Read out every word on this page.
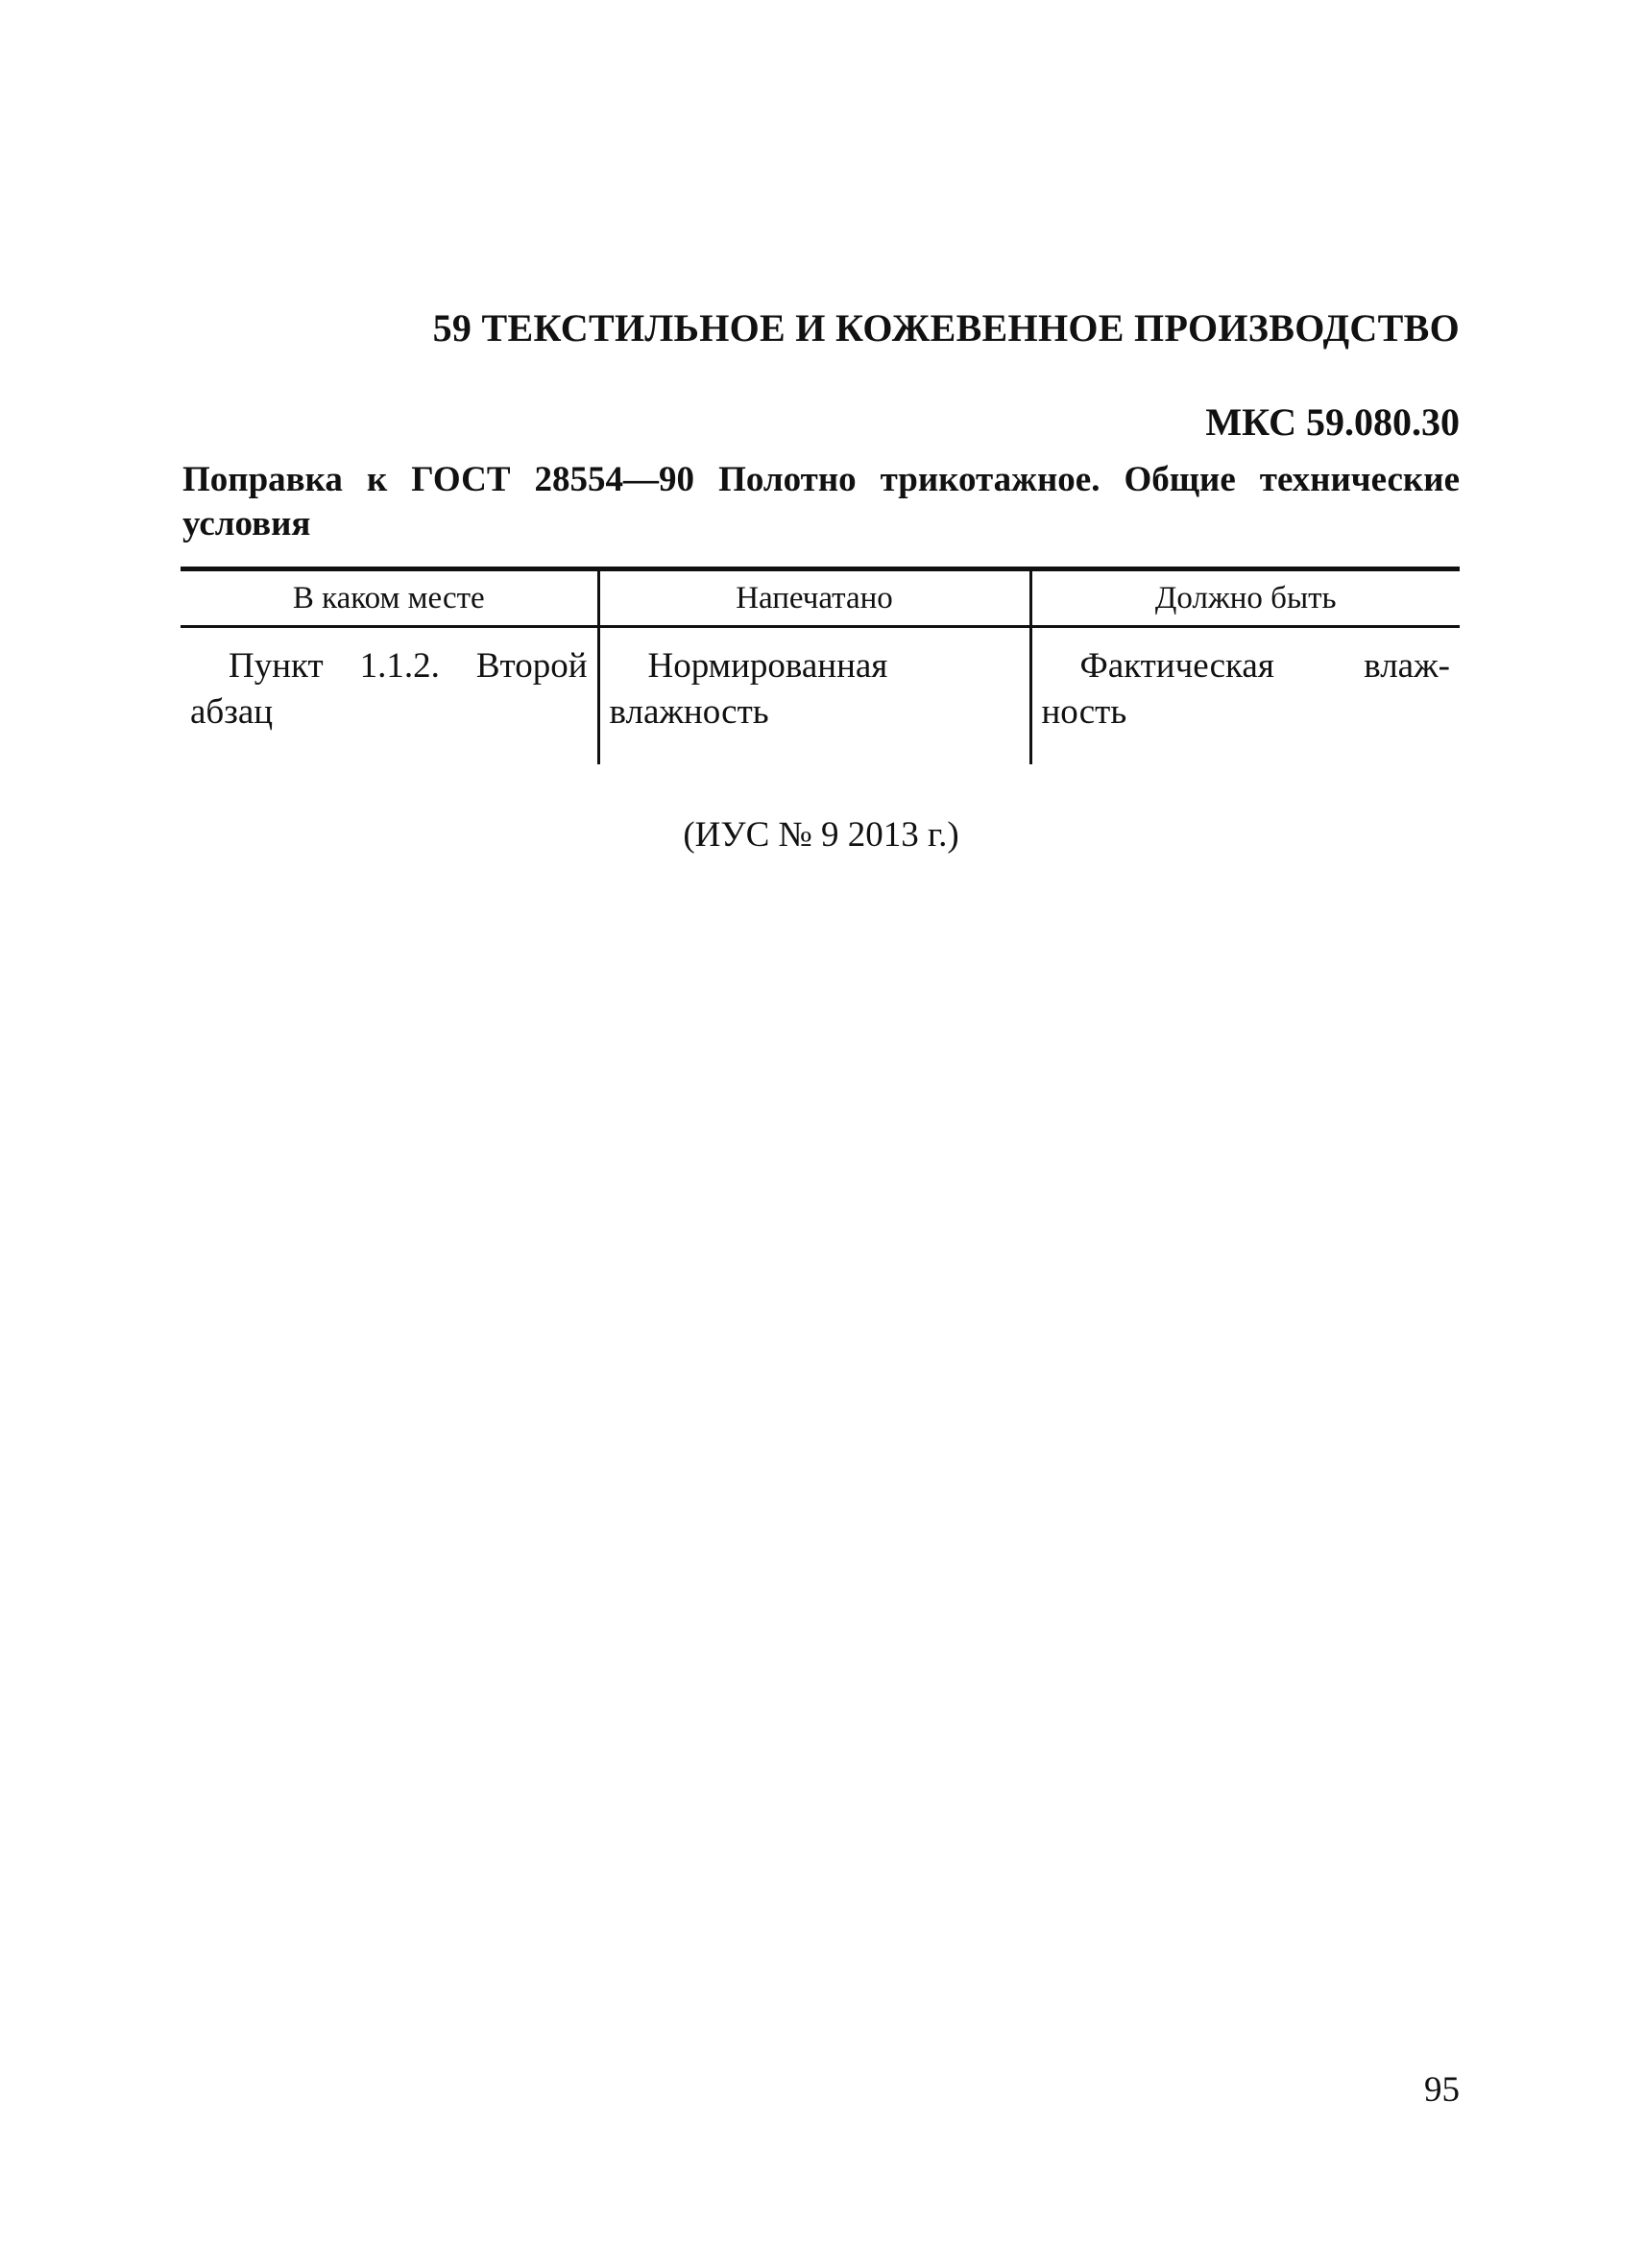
59 ТЕКСТИЛЬНОЕ И КОЖЕВЕННОЕ ПРОИЗВОДСТВО
МКС 59.080.30
Поправка к ГОСТ 28554—90 Полотно трикотажное. Общие технические условия
В каком месте	Напечатано	Должно быть
Пункт 1.1.2. Второй абзац	Нормированная влажность	Фактическая влаж-ность
(ИУС № 9 2013 г.)
95
